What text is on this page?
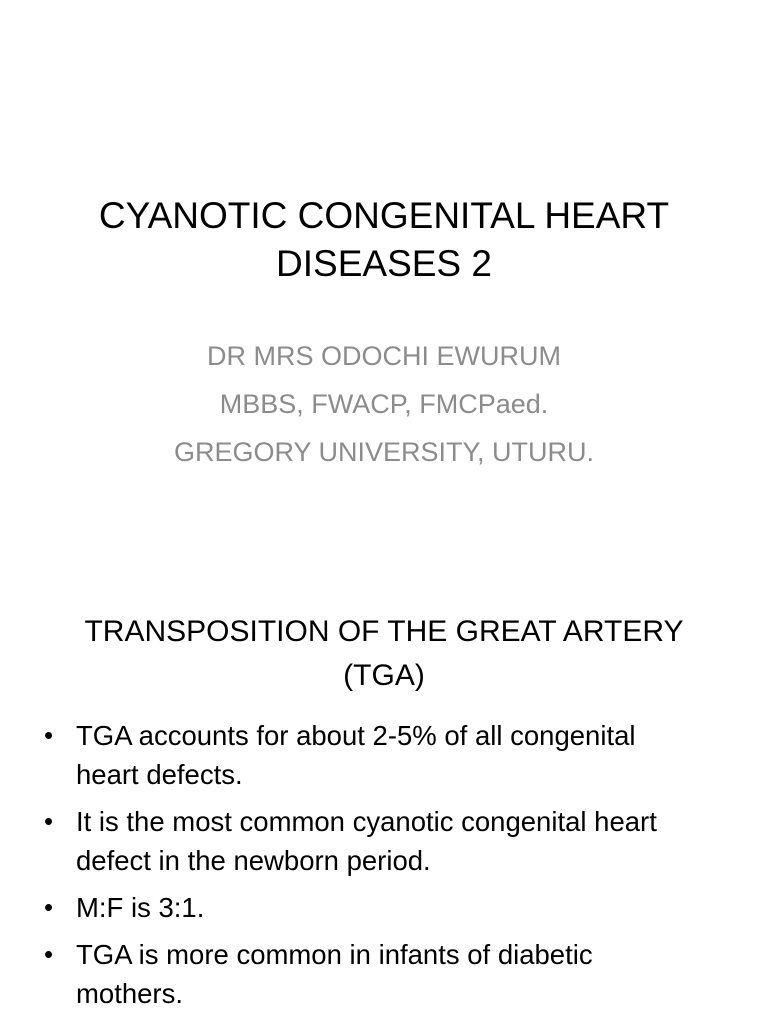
CYANOTIC CONGENITAL HEART
DISEASES 2
DR MRS ODOCHI EWURUM
MBBS, FWACP, FMCPaed.
GREGORY UNIVERSITY, UTURU.
TRANSPOSITION OF THE GREAT ARTERY
(TGA)
• TGA accounts for about 2-5% of all congenital heart defects.
• It is the most common cyanotic congenital heart defect in the newborn period.
• M:F is 3:1.
• TGA is more common in infants of diabetic mothers.
